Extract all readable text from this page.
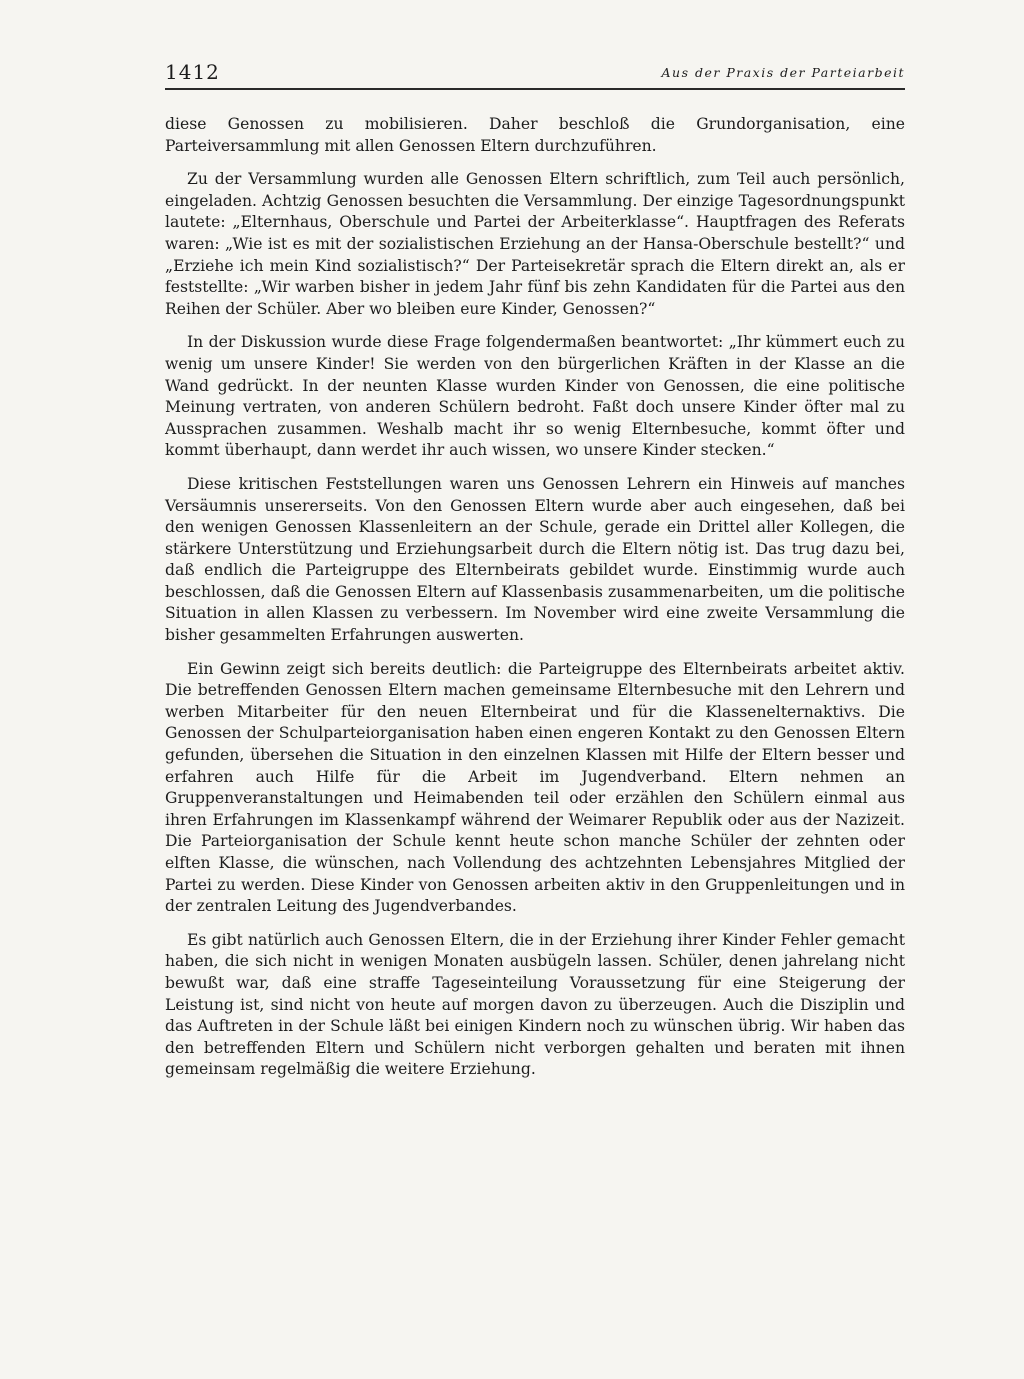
1412	Aus der Praxis der Parteiarbeit

diese Genossen zu mobilisieren. Daher beschloß die Grundorganisation, eine Parteiversammlung mit allen Genossen Eltern durchzuführen.

Zu der Versammlung wurden alle Genossen Eltern schriftlich, zum Teil auch persönlich, eingeladen. Achtzig Genossen besuchten die Versammlung. Der einzige Tagesordnungspunkt lautete: „Elternhaus, Oberschule und Partei der Arbeiterklasse“. Hauptfragen des Referats waren: „Wie ist es mit der sozialistischen Erziehung an der Hansa-Oberschule bestellt?“ und „Erziehe ich mein Kind sozialistisch?“ Der Parteisekretär sprach die Eltern direkt an, als er feststellte: „Wir warben bisher in jedem Jahr fünf bis zehn Kandidaten für die Partei aus den Reihen der Schüler. Aber wo bleiben eure Kinder, Genossen?“

In der Diskussion wurde diese Frage folgendermaßen beantwortet: „Ihr kümmert euch zu wenig um unsere Kinder! Sie werden von den bürgerlichen Kräften in der Klasse an die Wand gedrückt. In der neunten Klasse wurden Kinder von Genossen, die eine politische Meinung vertraten, von anderen Schülern bedroht. Faßt doch unsere Kinder öfter mal zu Aussprachen zusammen. Weshalb macht ihr so wenig Elternbesuche, kommt öfter und kommt überhaupt, dann werdet ihr auch wissen, wo unsere Kinder stecken.“

Diese kritischen Feststellungen waren uns Genossen Lehrern ein Hinweis auf manches Versäumnis unsererseits. Von den Genossen Eltern wurde aber auch eingesehen, daß bei den wenigen Genossen Klassenleitern an der Schule, gerade ein Drittel aller Kollegen, die stärkere Unterstützung und Erziehungsarbeit durch die Eltern nötig ist. Das trug dazu bei, daß endlich die Parteigruppe des Elternbeirats gebildet wurde. Einstimmig wurde auch beschlossen, daß die Genossen Eltern auf Klassenbasis zusammenarbeiten, um die politische Situation in allen Klassen zu verbessern. Im November wird eine zweite Versammlung die bisher gesammelten Erfahrungen auswerten.

Ein Gewinn zeigt sich bereits deutlich: die Parteigruppe des Elternbeirats arbeitet aktiv. Die betreffenden Genossen Eltern machen gemeinsame Elternbesuche mit den Lehrern und werben Mitarbeiter für den neuen Elternbeirat und für die Klassenelternaktivs. Die Genossen der Schulparteiorganisation haben einen engeren Kontakt zu den Genossen Eltern gefunden, übersehen die Situation in den einzelnen Klassen mit Hilfe der Eltern besser und erfahren auch Hilfe für die Arbeit im Jugendverband. Eltern nehmen an Gruppenveranstaltungen und Heimabenden teil oder erzählen den Schülern einmal aus ihren Erfahrungen im Klassenkampf während der Weimarer Republik oder aus der Nazizeit. Die Parteiorganisation der Schule kennt heute schon manche Schüler der zehnten oder elften Klasse, die wünschen, nach Vollendung des achtzehnten Lebensjahres Mitglied der Partei zu werden. Diese Kinder von Genossen arbeiten aktiv in den Gruppenleitungen und in der zentralen Leitung des Jugendverbandes.

Es gibt natürlich auch Genossen Eltern, die in der Erziehung ihrer Kinder Fehler gemacht haben, die sich nicht in wenigen Monaten ausbügeln lassen. Schüler, denen jahrelang nicht bewußt war, daß eine straffe Tageseinteilung Voraussetzung für eine Steigerung der Leistung ist, sind nicht von heute auf morgen davon zu überzeugen. Auch die Disziplin und das Auftreten in der Schule läßt bei einigen Kindern noch zu wünschen übrig. Wir haben das den betreffenden Eltern und Schülern nicht verborgen gehalten und beraten mit ihnen gemeinsam regelmäßig die weitere Erziehung.
